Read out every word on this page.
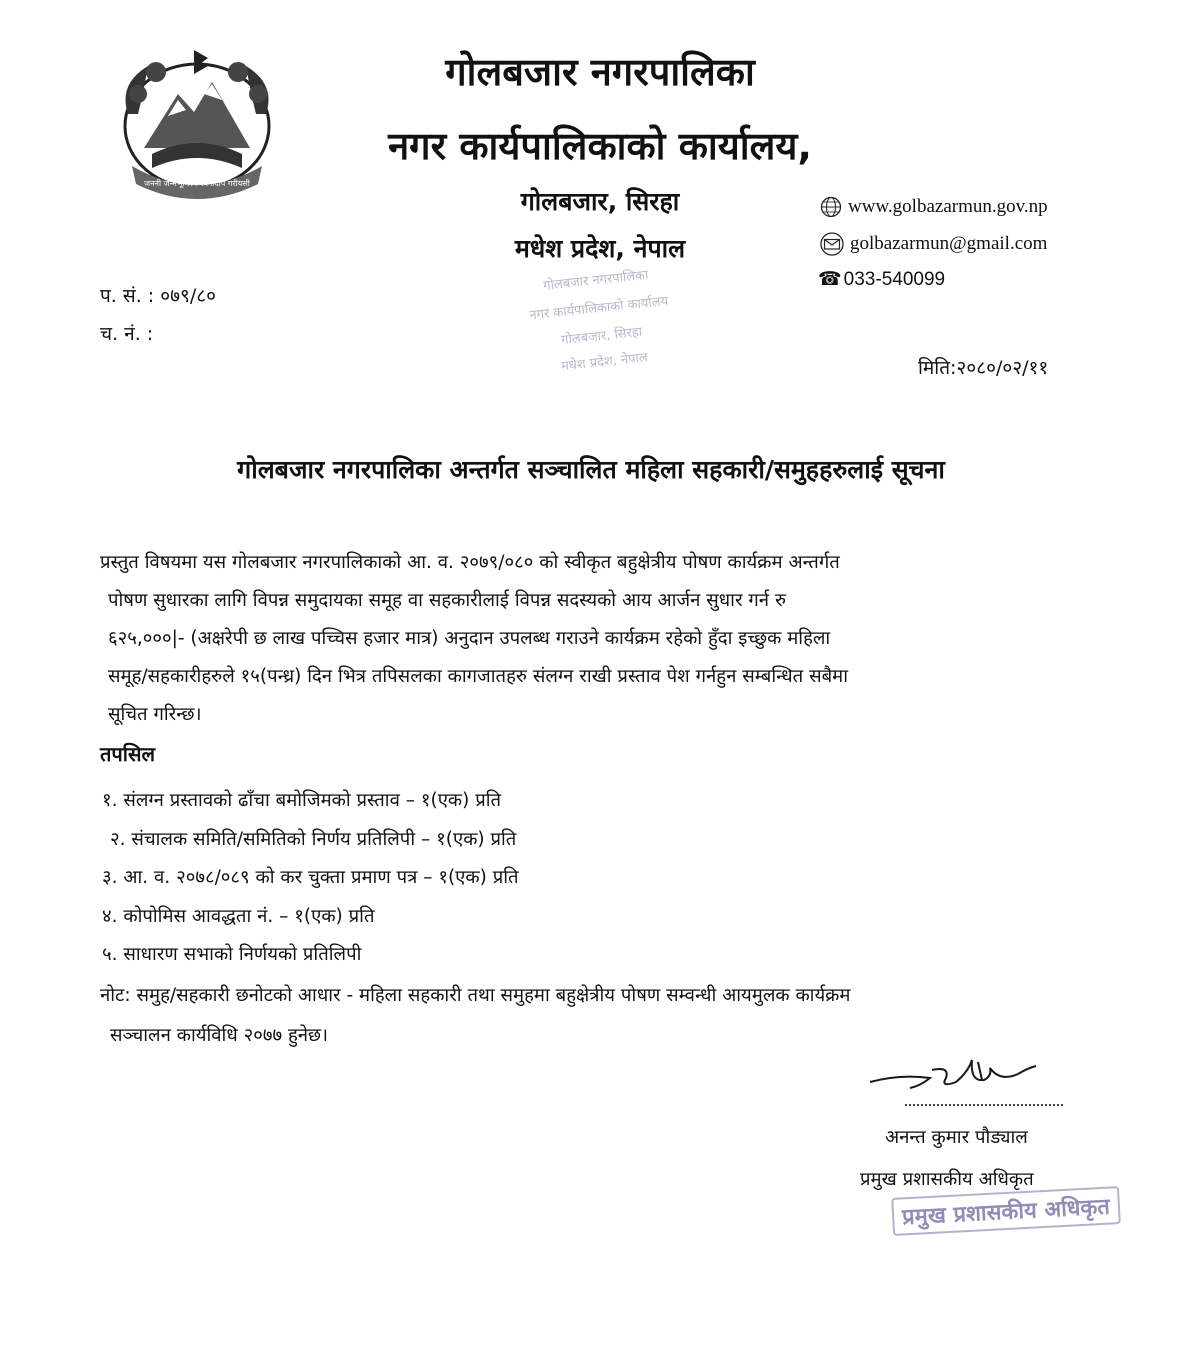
जननी जन्मभूमिश्च स्वर्गादपि गरीयसी
गोलबजार नगरपालिका
नगर कार्यपालिकाको कार्यालय,
गोलबजार, सिरहा
मधेश प्रदेश, नेपाल
गोलबजार नगरपालिका
नगर कार्यपालिकाको कार्यालय
गोलबजार, सिरहा
मधेश प्रदेश, नेपाल
www.golbazarmun.gov.np
golbazarmun@gmail.com
☎ 033-540099
प. सं. : ०७९/८०
च. नं. :
मिति:२०८०/०२/११
गोलबजार नगरपालिका अन्तर्गत सञ्चालित महिला सहकारी/समुहहरुलाई सूचना
प्रस्तुत विषयमा यस गोलबजार नगरपालिकाको आ. व. २०७९/०८० को स्वीकृत बहुक्षेत्रीय पोषण कार्यक्रम अन्तर्गत
पोषण सुधारका लागि विपन्न समुदायका समूह वा सहकारीलाई विपन्न सदस्यको आय आर्जन सुधार गर्न रु
६२५,०००|- (अक्षरेपी छ लाख पच्चिस हजार मात्र) अनुदान उपलब्ध गराउने कार्यक्रम रहेको हुँदा इच्छुक महिला
समूह/सहकारीहरुले १५(पन्ध्र) दिन भित्र तपिसलका कागजातहरु संलग्न राखी प्रस्ताव पेश गर्नहुन सम्बन्धित सबैमा
सूचित गरिन्छ।
तपसिल
१. संलग्न प्रस्तावको ढाँचा बमोजिमको प्रस्ताव – १(एक) प्रति
२. संचालक समिति/समितिको निर्णय प्रतिलिपी – १(एक) प्रति
३. आ. व. २०७८/०८९ को कर चुक्ता प्रमाण पत्र – १(एक) प्रति
४. कोपोमिस आवद्धता नं. – १(एक) प्रति
५. साधारण सभाको निर्णयको प्रतिलिपी
नोट: समुह/सहकारी छनोटको आधार - महिला सहकारी तथा समुहमा बहुक्षेत्रीय पोषण सम्वन्धी आयमुलक कार्यक्रम
सञ्चालन कार्यविधि २०७७ हुनेछ।
अनन्त कुमार पौड्याल
प्रमुख प्रशासकीय अधिकृत
प्रमुख प्रशासकीय अधिकृत
